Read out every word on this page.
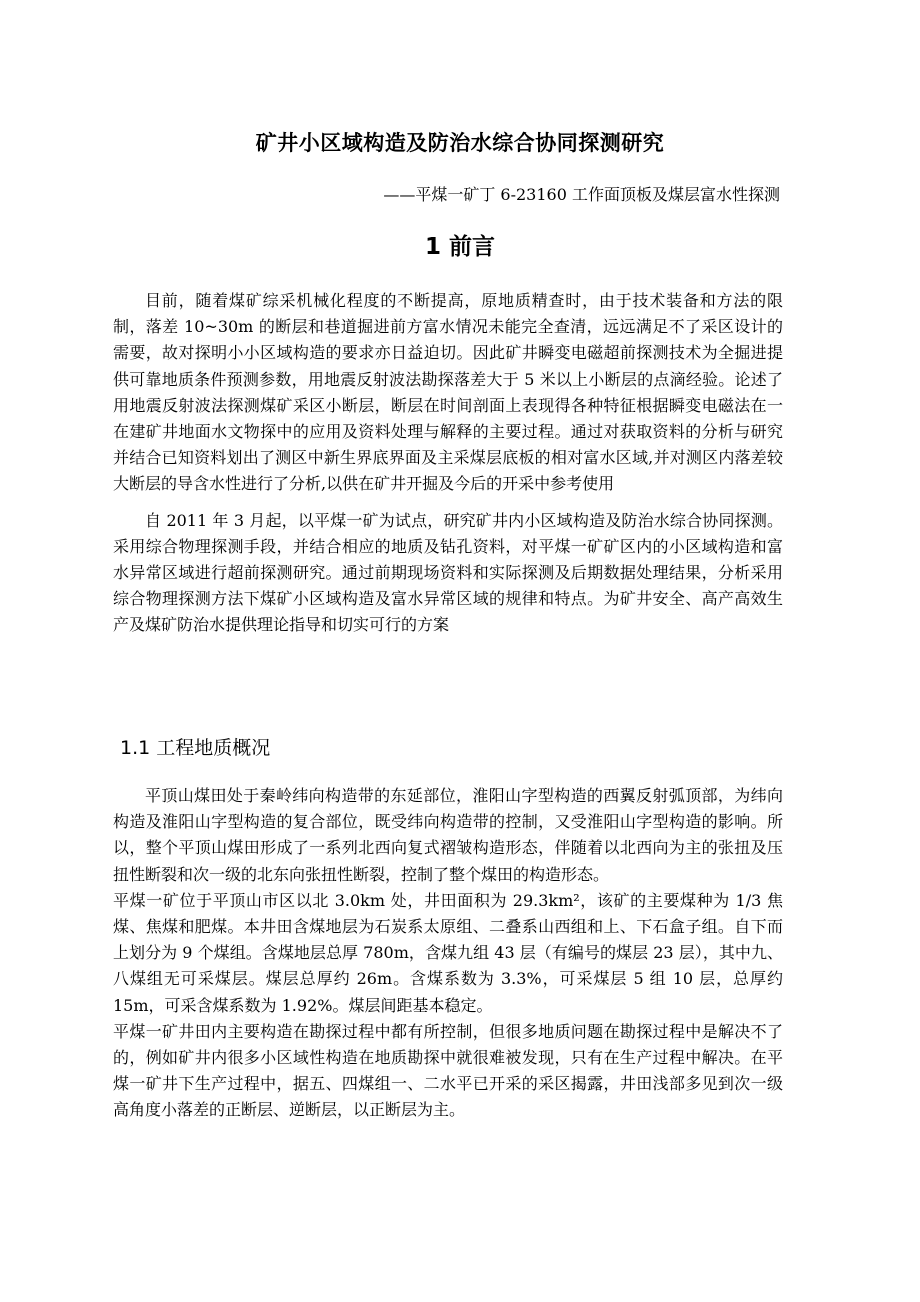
矿井小区域构造及防治水综合协同探测研究
——平煤一矿丁 6-23160 工作面顶板及煤层富水性探测
1 前言

目前，随着煤矿综采机械化程度的不断提高，原地质精查时，由于技术装备和方法的限制，落差 10~30m 的断层和巷道掘进前方富水情况未能完全查清，远远满足不了采区设计的需要，故对探明小小区域构造的要求亦日益迫切。因此矿井瞬变电磁超前探测技术为全掘进提供可靠地质条件预测参数，用地震反射波法勘探落差大于 5 米以上小断层的点滴经验。论述了用地震反射波法探测煤矿采区小断层，断层在时间剖面上表现得各种特征根据瞬变电磁法在一在建矿井地面水文物探中的应用及资料处理与解释的主要过程。通过对获取资料的分析与研究并结合已知资料划出了测区中新生界底界面及主采煤层底板的相对富水区域,并对测区内落差较大断层的导含水性进行了分析,以供在矿井开掘及今后的开采中参考使用

自 2011 年 3 月起，以平煤一矿为试点，研究矿井内小区域构造及防治水综合协同探测。采用综合物理探测手段，并结合相应的地质及钻孔资料，对平煤一矿矿区内的小区域构造和富水异常区域进行超前探测研究。通过前期现场资料和实际探测及后期数据处理结果，分析采用综合物理探测方法下煤矿小区域构造及富水异常区域的规律和特点。为矿井安全、高产高效生产及煤矿防治水提供理论指导和切实可行的方案

1.1 工程地质概况

平顶山煤田处于秦岭纬向构造带的东延部位，淮阳山字型构造的西翼反射弧顶部，为纬向构造及淮阳山字型构造的复合部位，既受纬向构造带的控制，又受淮阳山字型构造的影响。所以，整个平顶山煤田形成了一系列北西向复式褶皱构造形态，伴随着以北西向为主的张扭及压扭性断裂和次一级的北东向张扭性断裂，控制了整个煤田的构造形态。

平煤一矿位于平顶山市区以北 3.0km 处，井田面积为 29.3km²，该矿的主要煤种为 1/3 焦煤、焦煤和肥煤。本井田含煤地层为石炭系太原组、二叠系山西组和上、下石盒子组。自下而上划分为 9 个煤组。含煤地层总厚 780m，含煤九组 43 层（有编号的煤层 23 层），其中九、八煤组无可采煤层。煤层总厚约 26m。含煤系数为 3.3%，可采煤层 5 组 10 层，总厚约 15m，可采含煤系数为 1.92%。煤层间距基本稳定。

平煤一矿井田内主要构造在勘探过程中都有所控制，但很多地质问题在勘探过程中是解决不了的，例如矿井内很多小区域性构造在地质勘探中就很难被发现，只有在生产过程中解决。在平煤一矿井下生产过程中，据五、四煤组一、二水平已开采的采区揭露，井田浅部多见到次一级高角度小落差的正断层、逆断层，以正断层为主。
